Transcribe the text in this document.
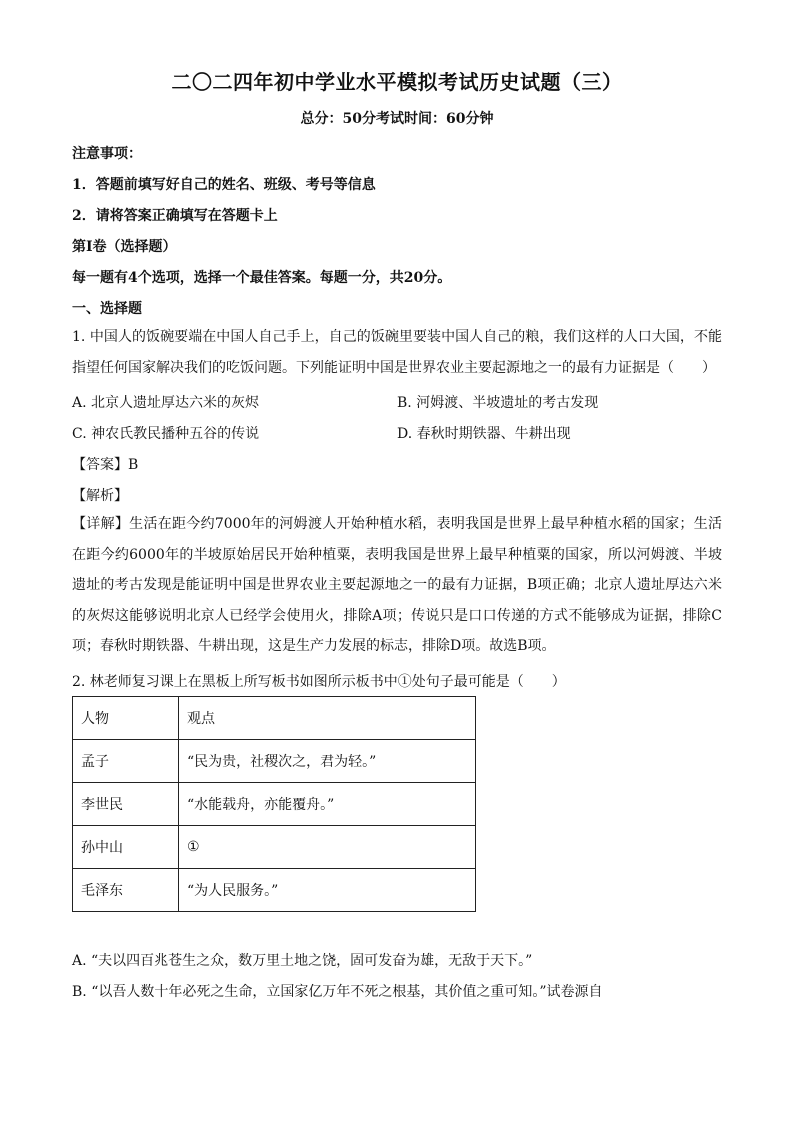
二〇二四年初中学业水平模拟考试历史试题（三）
总分：50分考试时间：60分钟
注意事项：
1．答题前填写好自己的姓名、班级、考号等信息
2．请将答案正确填写在答题卡上
第Ⅰ卷（选择题）
每一题有4个选项，选择一个最佳答案。每题一分，共20分。
一、选择题
1. 中国人的饭碗要端在中国人自己手上，自己的饭碗里要装中国人自己的粮，我们这样的人口大国，不能指望任何国家解决我们的吃饭问题。下列能证明中国是世界农业主要起源地之一的最有力证据是（　　）
A. 北京人遗址厚达六米的灰烬	B. 河姆渡、半坡遗址的考古发现
C. 神农氏教民播种五谷的传说	D. 春秋时期铁器、牛耕出现
【答案】B
【解析】
【详解】生活在距今约7000年的河姆渡人开始种植水稻，表明我国是世界上最早种植水稻的国家；生活在距今约6000年的半坡原始居民开始种植粟，表明我国是世界上最早种植粟的国家，所以河姆渡、半坡遗址的考古发现是能证明中国是世界农业主要起源地之一的最有力证据，B项正确；北京人遗址厚达六米的灰烬这能够说明北京人已经学会使用火，排除A项；传说只是口口传递的方式不能够成为证据，排除C项；春秋时期铁器、牛耕出现，这是生产力发展的标志，排除D项。故选B项。
2. 林老师复习课上在黑板上所写板书如图所示板书中①处句子最可能是（　　）
人物	观点
孟子	“民为贵，社稷次之，君为轻。”
李世民	“水能载舟，亦能覆舟。”
孙中山	①
毛泽东	“为人民服务。”
A. “夫以四百兆苍生之众，数万里土地之饶，固可发奋为雄，无敌于天下。”
B. “以吾人数十年必死之生命，立国家亿万年不死之根基，其价值之重可知。”试卷源自
